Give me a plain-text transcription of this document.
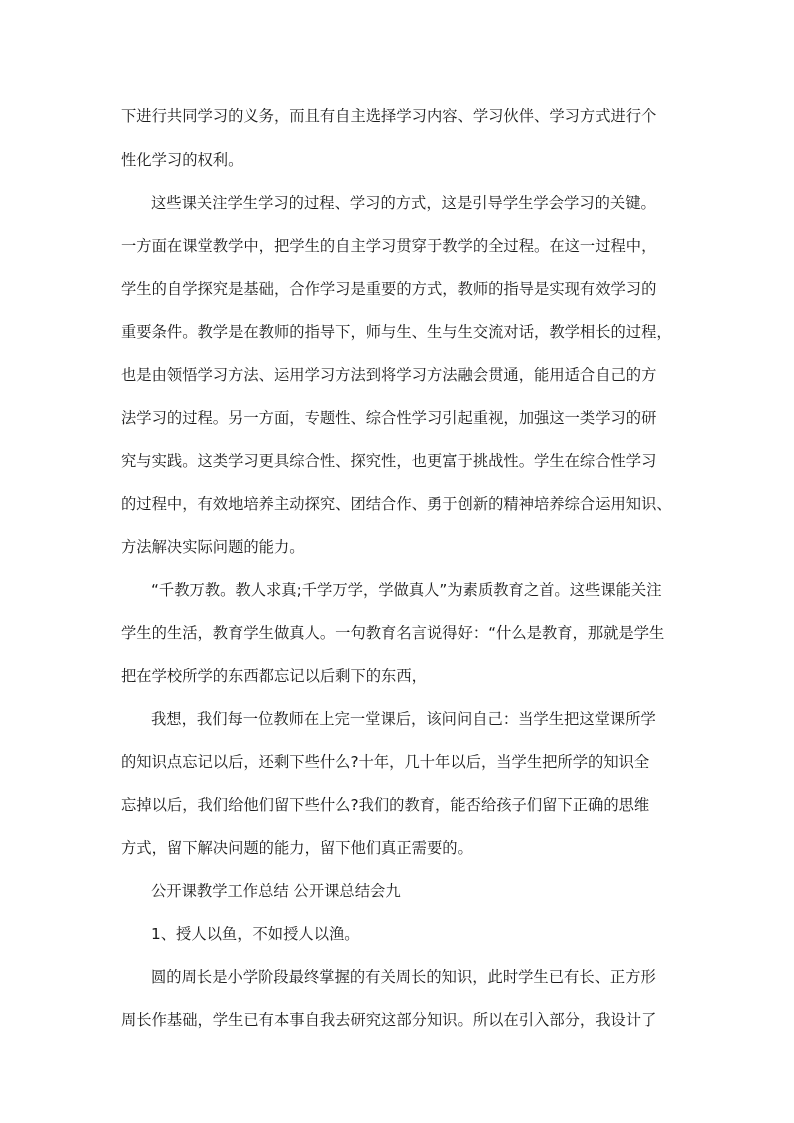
下进行共同学习的义务，而且有自主选择学习内容、学习伙伴、学习方式进行个
性化学习的权利。
这些课关注学生学习的过程、学习的方式，这是引导学生学会学习的关键。
一方面在课堂教学中，把学生的自主学习贯穿于教学的全过程。在这一过程中，
学生的自学探究是基础，合作学习是重要的方式，教师的指导是实现有效学习的
重要条件。教学是在教师的指导下，师与生、生与生交流对话，教学相长的过程，
也是由领悟学习方法、运用学习方法到将学习方法融会贯通，能用适合自己的方
法学习的过程。另一方面，专题性、综合性学习引起重视，加强这一类学习的研
究与实践。这类学习更具综合性、探究性，也更富于挑战性。学生在综合性学习
的过程中，有效地培养主动探究、团结合作、勇于创新的精神培养综合运用知识、
方法解决实际问题的能力。
“千教万教。教人求真;千学万学，学做真人”为素质教育之首。这些课能关注
学生的生活，教育学生做真人。一句教育名言说得好：“什么是教育，那就是学生
把在学校所学的东西都忘记以后剩下的东西，
我想，我们每一位教师在上完一堂课后，该问问自己：当学生把这堂课所学
的知识点忘记以后，还剩下些什么?十年，几十年以后，当学生把所学的知识全
忘掉以后，我们给他们留下些什么?我们的教育，能否给孩子们留下正确的思维
方式，留下解决问题的能力，留下他们真正需要的。
公开课教学工作总结 公开课总结会九
1、授人以鱼，不如授人以渔。
圆的周长是小学阶段最终掌握的有关周长的知识，此时学生已有长、正方形
周长作基础，学生已有本事自我去研究这部分知识。所以在引入部分，我设计了
